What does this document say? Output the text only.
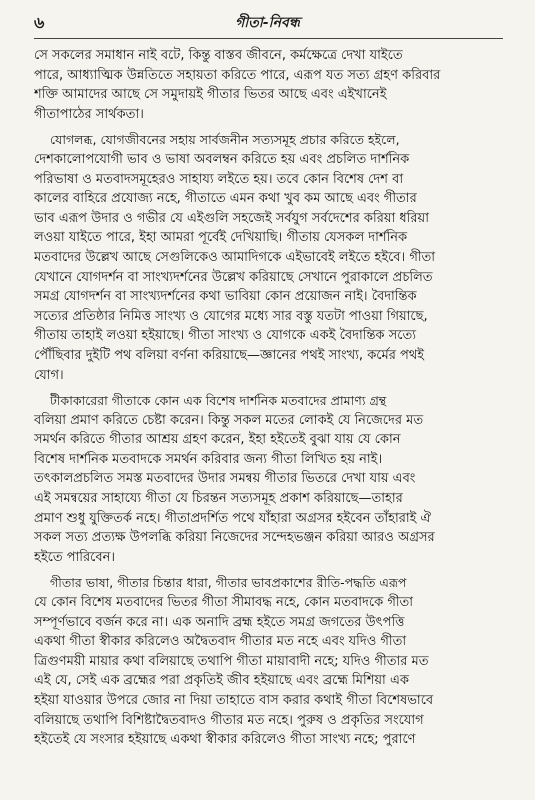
৬	গীতা-নিবন্ধ
সে সকলের সমাধান নাই বটে, কিন্তু বাস্তব জীবনে, কর্মক্ষেত্রে দেখা যাইতে
পারে, আধ্যাত্মিক উন্নতিতে সহায়তা করিতে পারে, এরূপ যত সত্য গ্রহণ করিবার
শক্তি আমাদের আছে সে সমুদায়ই গীতার ভিতর আছে এবং এইখানেই
গীতাপাঠের সার্থকতা।
যোগলব্ধ, যোগজীবনের সহায় সার্বজনীন সত্যসমূহ প্রচার করিতে হইলে,
দেশকালোপযোগী ভাব ও ভাষা অবলম্বন করিতে হয় এবং প্রচলিত দার্শনিক
পরিভাষা ও মতবাদসমূহেরও সাহায্য লইতে হয়। তবে কোন বিশেষ দেশ বা
কালের বাহিরে প্রযোজ্য নহে, গীতাতে এমন কথা খুব কম আছে এবং গীতার
ভাব এরূপ উদার ও গভীর যে এইগুলি সহজেই সর্বযুগ সর্বদেশের করিয়া ধরিয়া
লওয়া যাইতে পারে, ইহা আমরা পূর্বেই দেখিয়াছি। গীতায় যেসকল দার্শনিক
মতবাদের উল্লেখ আছে সেগুলিকেও আমাদিগকে এইভাবেই লইতে হইবে। গীতা
যেখানে যোগদর্শন বা সাংখ্যদর্শনের উল্লেখ করিয়াছে সেখানে পুরাকালে প্রচলিত
সমগ্র যোগদর্শন বা সাংখ্যদর্শনের কথা ভাবিয়া কোন প্রয়োজন নাই। বৈদান্তিক
সত্যের প্রতিষ্ঠার নিমিত্ত সাংখ্য ও যোগের মধ্যে সার বস্তু যতটা পাওয়া গিয়াছে,
গীতায় তাহাই লওয়া হইয়াছে। গীতা সাংখ্য ও যোগকে একই বৈদান্তিক সত্যে
পৌঁছিবার দুইটি পথ বলিয়া বর্ণনা করিয়াছে—জ্ঞানের পথই সাংখ্য, কর্মের পথই
যোগ।
টীকাকারেরা গীতাকে কোন এক বিশেষ দার্শনিক মতবাদের প্রামাণ্য গ্রন্থ
বলিয়া প্রমাণ করিতে চেষ্টা করেন। কিন্তু সকল মতের লোকই যে নিজেদের মত
সমর্থন করিতে গীতার আশ্রয় গ্রহণ করেন, ইহা হইতেই বুঝা যায় যে কোন
বিশেষ দার্শনিক মতবাদকে সমর্থন করিবার জন্য গীতা লিখিত হয় নাই।
তৎকালপ্রচলিত সমস্ত মতবাদের উদার সমন্বয় গীতার ভিতরে দেখা যায় এবং
এই সমন্বয়ের সাহায্যে গীতা যে চিরন্তন সত্যসমূহ প্রকাশ করিয়াছে—তাহার
প্রমাণ শুধু যুক্তিতর্ক নহে। গীতাপ্রদর্শিত পথে যাঁহারা অগ্রসর হইবেন তাঁহারাই ঐ
সকল সত্য প্রত্যক্ষ উপলব্ধি করিয়া নিজেদের সন্দেহভঞ্জন করিয়া আরও অগ্রসর
হইতে পারিবেন।
গীতার ভাষা, গীতার চিন্তার ধারা, গীতার ভাবপ্রকাশের রীতি-পদ্ধতি এরূপ
যে কোন বিশেষ মতবাদের ভিতর গীতা সীমাবদ্ধ নহে, কোন মতবাদকে গীতা
সম্পূর্ণভাবে বর্জন করে না। এক অনাদি ব্রহ্ম হইতে সমগ্র জগতের উৎপত্তি
একথা গীতা স্বীকার করিলেও অদ্বৈতবাদ গীতার মত নহে এবং যদিও গীতা
ত্রিগুণময়ী মায়ার কথা বলিয়াছে তথাপি গীতা মায়াবাদী নহে; যদিও গীতার মত
এই যে, সেই এক ব্রহ্মের পরা প্রকৃতিই জীব হইয়াছে এবং ব্রহ্মে মিশিয়া এক
হইয়া যাওয়ার উপরে জোর না দিয়া তাহাতে বাস করার কথাই গীতা বিশেষভাবে
বলিয়াছে তথাপি বিশিষ্টাদ্বৈতবাদও গীতার মত নহে। পুরুষ ও প্রকৃতির সংযোগ
হইতেই যে সংসার হইয়াছে একথা স্বীকার করিলেও গীতা সাংখ্য নহে; পুরাণে
